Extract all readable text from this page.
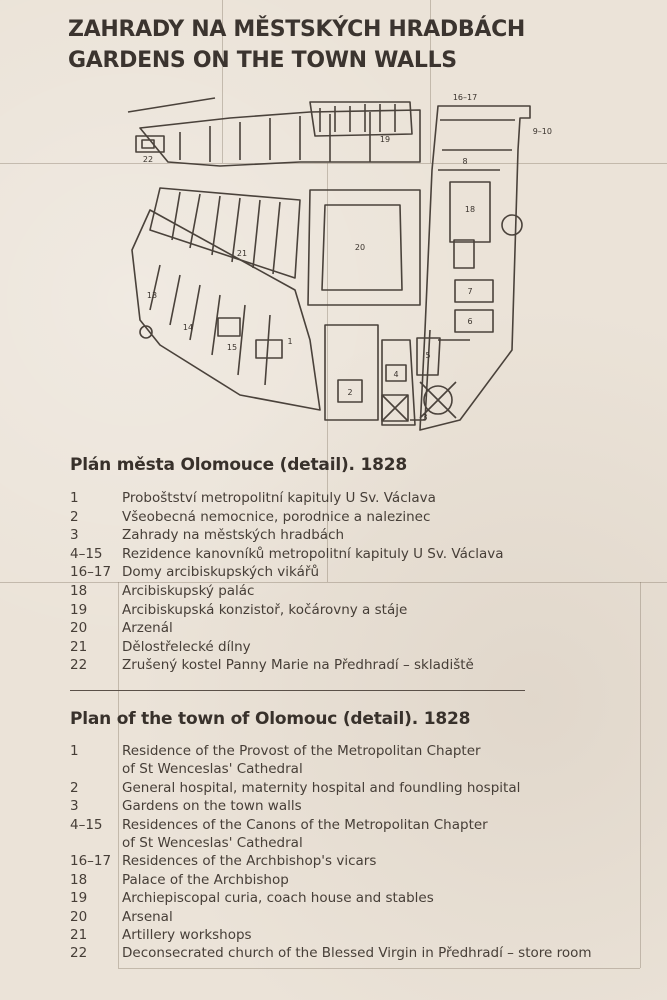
ZAHRADY NA MĚSTSKÝCH HRADBÁCH
GARDENS ON THE TOWN WALLS
16–17
9–10
22
19
8
18
20
21
7
13
6
14
15
1
5
4
2
3
Plán města Olomouce (detail). 1828
1	Proboštství metropolitní kapituly U Sv. Václava
2	Všeobecná nemocnice, porodnice a nalezinec
3	Zahrady na městských hradbách
4–15	Rezidence kanovníků metropolitní kapituly U Sv. Václava
16–17 Domy arcibiskupských vikářů
18	Arcibiskupský palác
19	Arcibiskupská konzistoř, kočárovny a stáje
20	Arzenál
21	Dělostřelecké dílny
22	Zrušený kostel Panny Marie na Předhradí – skladiště
Plan of the town of Olomouc (detail). 1828
1	Residence of the Provost of the Metropolitan Chapter
of St Wenceslas' Cathedral
2	General hospital, maternity hospital and foundling hospital
3	Gardens on the town walls
4–15	Residences of the Canons of the Metropolitan Chapter
of St Wenceslas' Cathedral
16–17 Residences of the Archbishop's vicars
18	Palace of the Archbishop
19	Archiepiscopal curia, coach house and stables
20	Arsenal
21	Artillery workshops
22	Deconsecrated church of the Blessed Virgin in Předhradí – store room
